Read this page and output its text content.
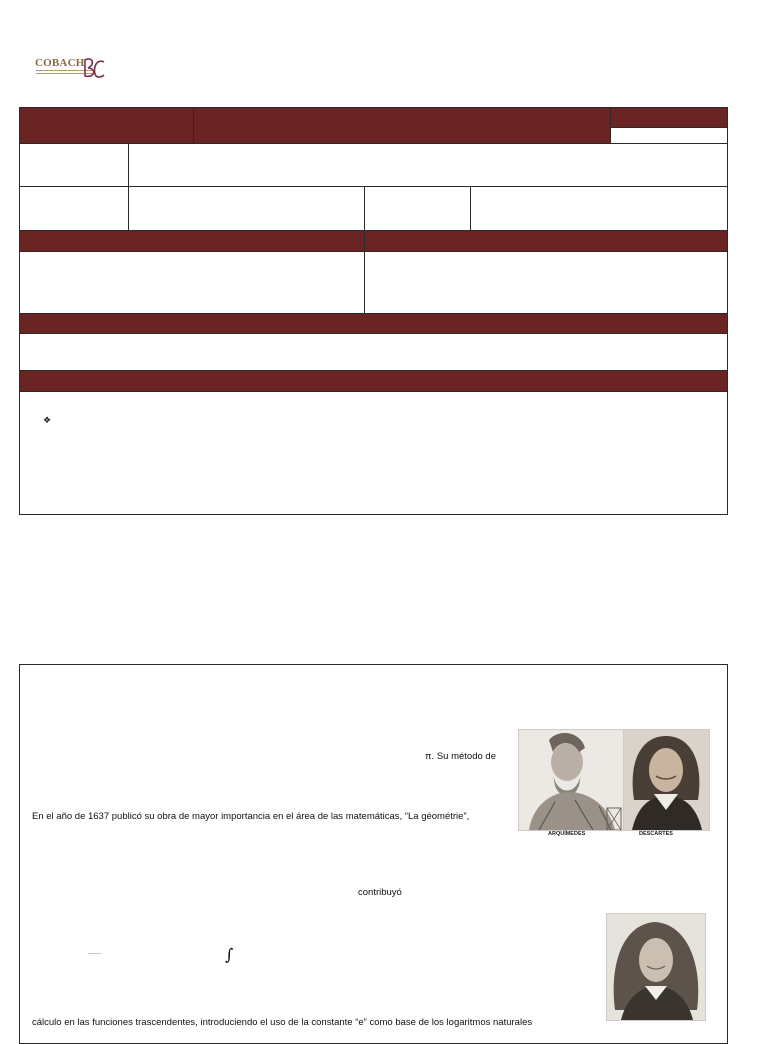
COBACH
❖
π. Su método de
En el año de 1637 publicó su obra de mayor importancia en el área de las matemáticas, “La géométrie”,
ARQUÍMEDES	DESCARTES
contribuyó
∫
cálculo en las funciones trascendentes, introduciendo el uso de la constante “e” como base de los logaritmos naturales
